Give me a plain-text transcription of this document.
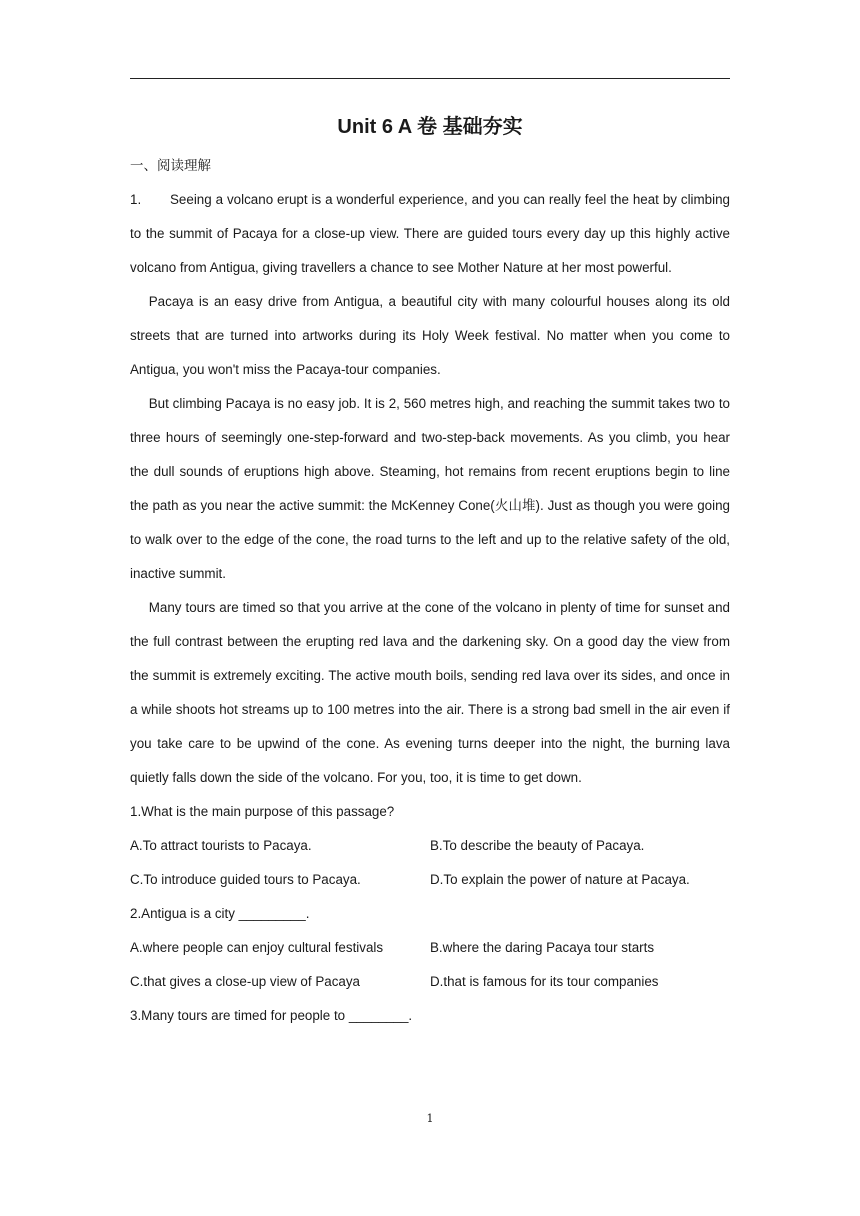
Unit 6 A 卷 基础夯实
一、阅读理解

1. Seeing a volcano erupt is a wonderful experience, and you can really feel the heat by climbing to the summit of Pacaya for a close-up view. There are guided tours every day up this highly active volcano from Antigua, giving travellers a chance to see Mother Nature at her most powerful.

Pacaya is an easy drive from Antigua, a beautiful city with many colourful houses along its old streets that are turned into artworks during its Holy Week festival. No matter when you come to Antigua, you won't miss the Pacaya-tour companies.

But climbing Pacaya is no easy job. It is 2, 560 metres high, and reaching the summit takes two to three hours of seemingly one-step-forward and two-step-back movements. As you climb, you hear the dull sounds of eruptions high above. Steaming, hot remains from recent eruptions begin to line the path as you near the active summit: the McKenney Cone(火山堆). Just as though you were going to walk over to the edge of the cone, the road turns to the left and up to the relative safety of the old, inactive summit.

Many tours are timed so that you arrive at the cone of the volcano in plenty of time for sunset and the full contrast between the erupting red lava and the darkening sky. On a good day the view from the summit is extremely exciting. The active mouth boils, sending red lava over its sides, and once in a while shoots hot streams up to 100 metres into the air. There is a strong bad smell in the air even if you take care to be upwind of the cone. As evening turns deeper into the night, the burning lava quietly falls down the side of the volcano. For you, too, it is time to get down.

1.What is the main purpose of this passage?

A.To attract tourists to Pacaya.	B.To describe the beauty of Pacaya.
C.To introduce guided tours to Pacaya.	D.To explain the power of nature at Pacaya.

2.Antigua is a city _________.

A.where people can enjoy cultural festivals	B.where the daring Pacaya tour starts
C.that gives a close-up view of Pacaya	D.that is famous for its tour companies

3.Many tours are timed for people to ________.

1
